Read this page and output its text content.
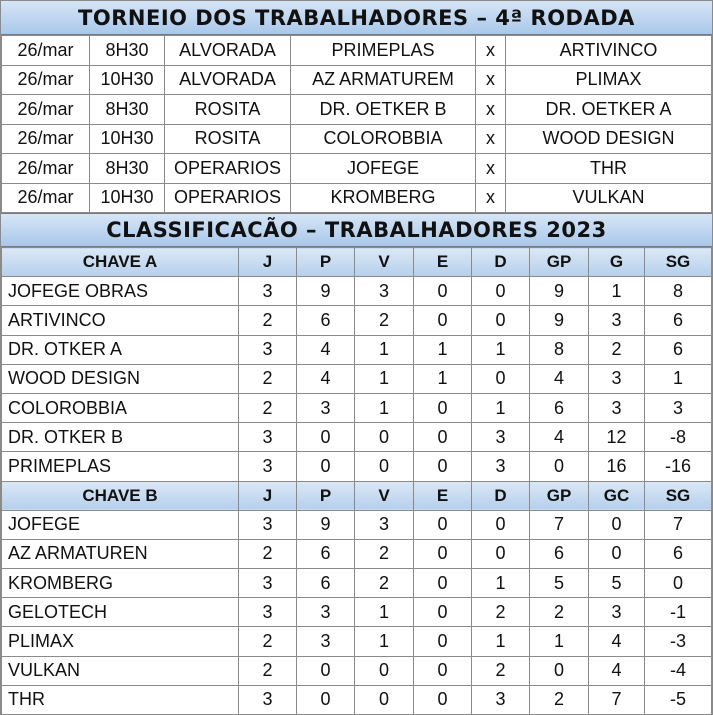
TORNEIO DOS TRABALHADORES – 4ª RODADA
26/mar	8H30	ALVORADA	PRIMEPLAS	x	ARTIVINCO
26/mar	10H30	ALVORADA	AZ ARMATUREM	x	PLIMAX
26/mar	8H30	ROSITA	DR. OETKER B	x	DR. OETKER A
26/mar	10H30	ROSITA	COLOROBBIA	x	WOOD DESIGN
26/mar	8H30	OPERARIOS	JOFEGE	x	THR
26/mar	10H30	OPERARIOS	KROMBERG	x	VULKAN
CLASSIFICACÃO – TRABALHADORES 2023
CHAVE A	J	P	V	E	D	GP	G	SG
JOFEGE OBRAS	3	9	3	0	0	9	1	8
ARTIVINCO	2	6	2	0	0	9	3	6
DR. OTKER A	3	4	1	1	1	8	2	6
WOOD DESIGN	2	4	1	1	0	4	3	1
COLOROBBIA	2	3	1	0	1	6	3	3
DR. OTKER B	3	0	0	0	3	4	12	-8
PRIMEPLAS	3	0	0	0	3	0	16	-16
CHAVE B	J	P	V	E	D	GP	GC	SG
JOFEGE	3	9	3	0	0	7	0	7
AZ ARMATUREN	2	6	2	0	0	6	0	6
KROMBERG	3	6	2	0	1	5	5	0
GELOTECH	3	3	1	0	2	2	3	-1
PLIMAX	2	3	1	0	1	1	4	-3
VULKAN	2	0	0	0	2	0	4	-4
THR	3	0	0	0	3	2	7	-5
